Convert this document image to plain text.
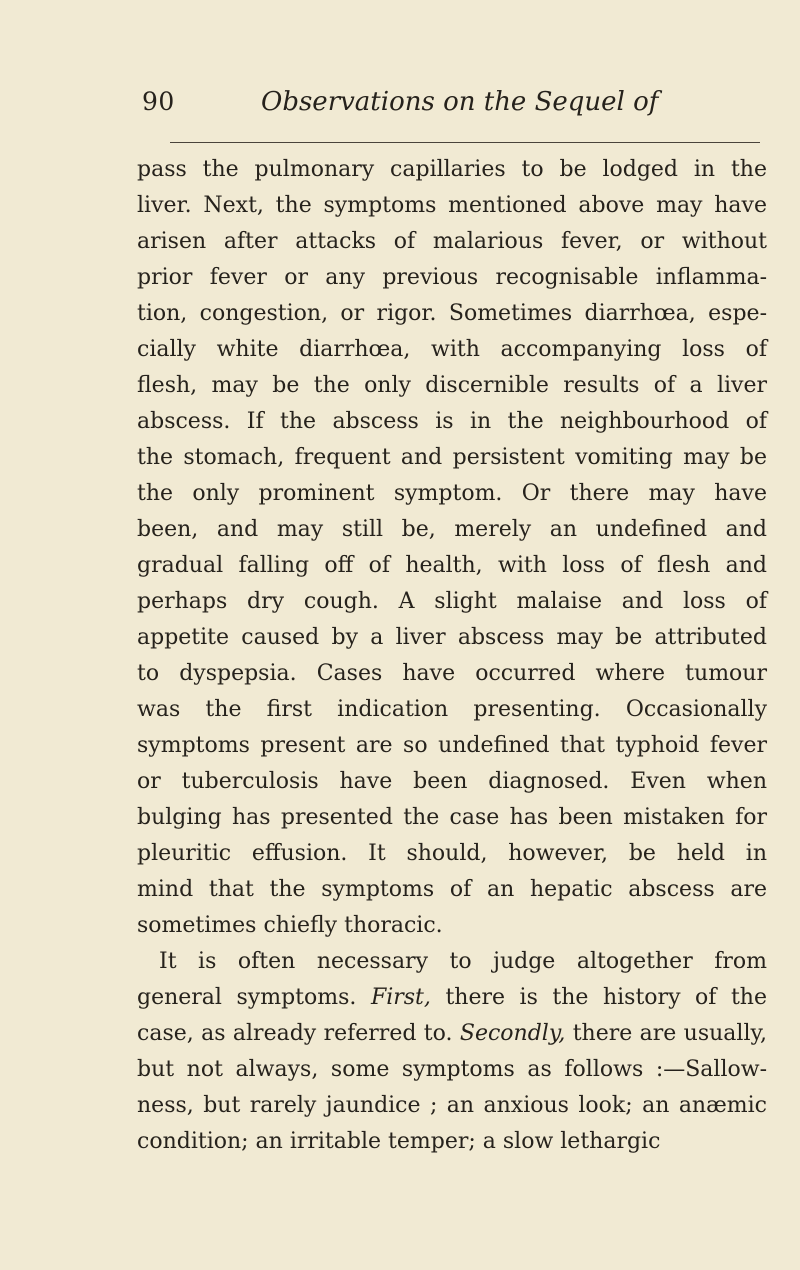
90	Observations on the Sequel of
pass the pulmonary capillaries to be lodged in the
liver. Next, the symptoms mentioned above may have
arisen after attacks of malarious fever, or without
prior fever or any previous recognisable inflamma-
tion, congestion, or rigor. Sometimes diarrhœa, espe-
cially white diarrhœa, with accompanying loss of
flesh, may be the only discernible results of a liver
abscess. If the abscess is in the neighbourhood of
the stomach, frequent and persistent vomiting may be
the only prominent symptom. Or there may have
been, and may still be, merely an undefined and
gradual falling off of health, with loss of flesh and
perhaps dry cough. A slight malaise and loss of
appetite caused by a liver abscess may be attributed
to dyspepsia. Cases have occurred where tumour
was the first indication presenting. Occasionally
symptoms present are so undefined that typhoid fever
or tuberculosis have been diagnosed. Even when
bulging has presented the case has been mistaken for
pleuritic effusion. It should, however, be held in
mind that the symptoms of an hepatic abscess are
sometimes chiefly thoracic.
It is often necessary to judge altogether from
general symptoms. First, there is the history of the
case, as already referred to. Secondly, there are usually,
but not always, some symptoms as follows :—Sallow-
ness, but rarely jaundice ; an anxious look; an anæmic
condition; an irritable temper; a slow lethargic
